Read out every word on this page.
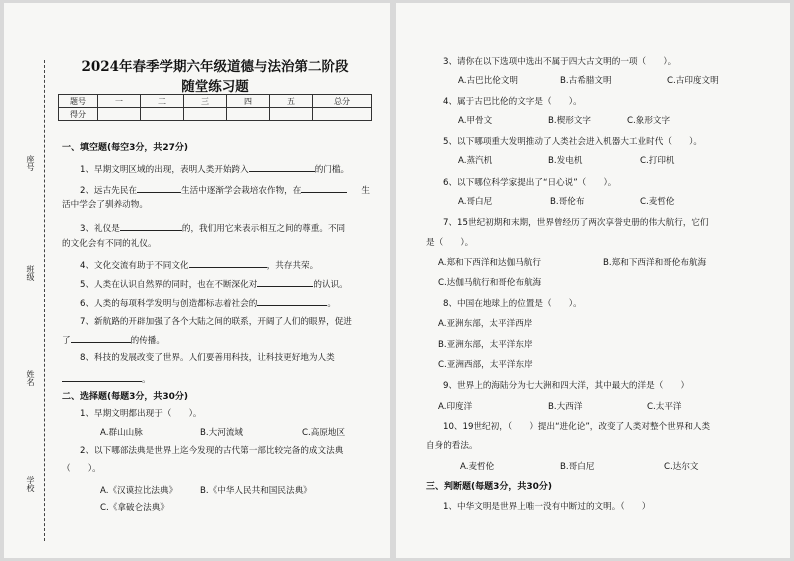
座号
班级
姓名
学校
2024年春季学期六年级道德与法治第二阶段
随堂练习题
题号	一	二	三	四	五	总分
得分						
一、填空题(每空3分，共27分)
1、早期文明区域的出现，表明人类开始跨入	的门槛。
2、远古先民在	生活中逐渐学会栽培农作物，在	生
活中学会了驯养动物。
3、礼仪是	的，我们用它来表示相互之间的尊重。不同
的文化会有不同的礼仪。
4、文化交流有助于不同文化	，共存共荣。
5、人类在认识自然界的同时，也在不断深化对	的认识。
6、人类的每项科学发明与创造都标志着社会的	。
7、新航路的开辟加强了各个大陆之间的联系，开阔了人们的眼界，促进
了	的传播。
8、科技的发展改变了世界。人们要善用科技，让科技更好地为人类
。
二、选择题(每题3分，共30分)
1、早期文明都出现于（　　）。
A.群山山脉	B.大河流域	C.高原地区
2、以下哪部法典是世界上迄今发现的古代第一部比较完备的成文法典
（　　）。
A.《汉谟拉比法典》	B.《中华人民共和国民法典》
C.《拿破仑法典》
3、请你在以下选项中选出不属于四大古文明的一项（　　）。
A.古巴比伦文明	B.古希腊文明	C.古印度文明
4、属于古巴比伦的文字是（　　）。
A.甲骨文	B.楔形文字	C.象形文字
5、以下哪项重大发明推动了人类社会进入机器大工业时代（　　）。
A.蒸汽机	B.发电机	C.打印机
6、以下哪位科学家提出了“日心说”（　　）。
A.哥白尼	B.哥伦布	C.麦哲伦
7、15世纪初期和末期，世界曾经历了两次享誉史册的伟大航行，它们
是（　　）。
A.郑和下西洋和达伽马航行	B.郑和下西洋和哥伦布航海
C.达伽马航行和哥伦布航海
8、中国在地球上的位置是（　　）。
A.亚洲东部，太平洋西岸
B.亚洲东部，太平洋东岸
C.亚洲西部，太平洋东岸
9、世界上的海陆分为七大洲和四大洋，其中最大的洋是（　　）
A.印度洋	B.大西洋	C.太平洋
10、19世纪初，（　　）提出“进化论”，改变了人类对整个世界和人类
自身的看法。
A.麦哲伦	B.哥白尼	C.达尔文
三、判断题(每题3分，共30分)
1、中华文明是世界上唯一没有中断过的文明。（　　）
